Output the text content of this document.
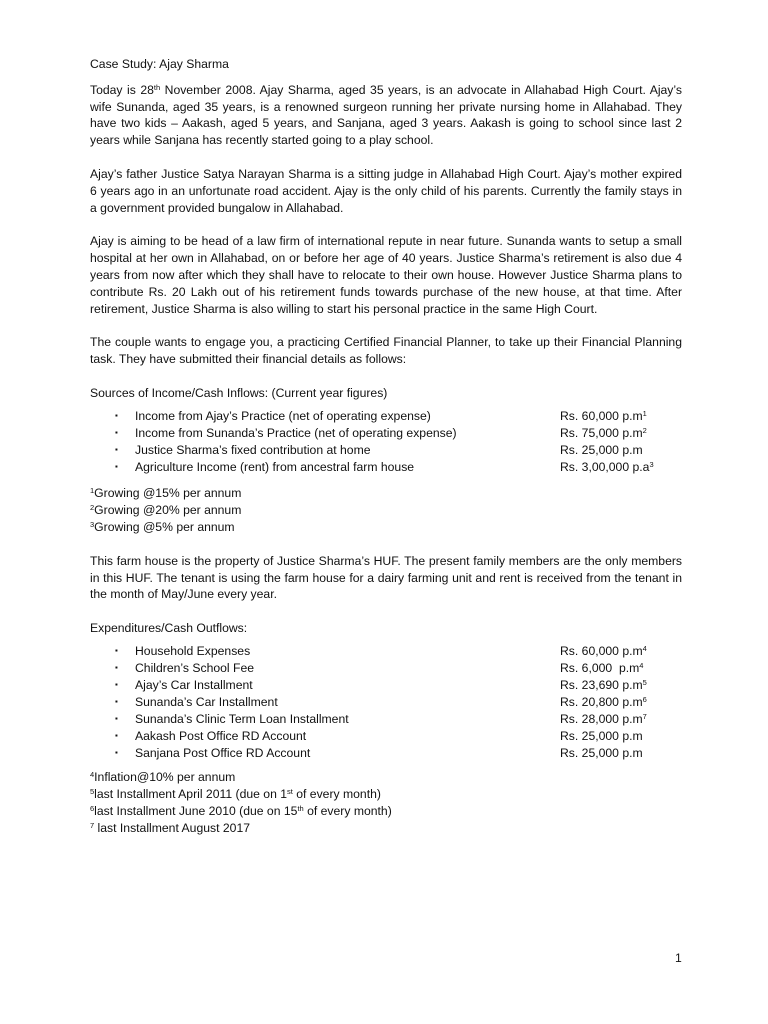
Case Study: Ajay Sharma

Today is 28th November 2008. Ajay Sharma, aged 35 years, is an advocate in Allahabad High Court. Ajay’s wife Sunanda, aged 35 years, is a renowned surgeon running her private nursing home in Allahabad. They have two kids – Aakash, aged 5 years, and Sanjana, aged 3 years. Aakash is going to school since last 2 years while Sanjana has recently started going to a play school.

Ajay’s father Justice Satya Narayan Sharma is a sitting judge in Allahabad High Court. Ajay’s mother expired 6 years ago in an unfortunate road accident. Ajay is the only child of his parents. Currently the family stays in a government provided bungalow in Allahabad.

Ajay is aiming to be head of a law firm of international repute in near future. Sunanda wants to setup a small hospital at her own in Allahabad, on or before her age of 40 years. Justice Sharma’s retirement is also due 4 years from now after which they shall have to relocate to their own house. However Justice Sharma plans to contribute Rs. 20 Lakh out of his retirement funds towards purchase of the new house, at that time. After retirement, Justice Sharma is also willing to start his personal practice in the same High Court.

The couple wants to engage you, a practicing Certified Financial Planner, to take up their Financial Planning task. They have submitted their financial details as follows:

Sources of Income/Cash Inflows: (Current year figures)
▪ Income from Ajay’s Practice (net of operating expense)	Rs. 60,000 $p.m^1$
▪ Income from Sunanda’s Practice (net of operating expense)	Rs. 75,000 $p.m^2$
▪ Justice Sharma’s fixed contribution at home	Rs. 25,000 p.m
▪ Agriculture Income (rent) from ancestral farm house	Rs. 3,00,000 $p.a^3$
$^1$Growing @15% per annum
$^2$Growing @20% per annum
$^3$Growing @5% per annum

This farm house is the property of Justice Sharma’s HUF. The present family members are the only members in this HUF. The tenant is using the farm house for a dairy farming unit and rent is received from the tenant in the month of May/June every year.

Expenditures/Cash Outflows:
▪ Household Expenses	Rs. 60,000 $p.m^4$
▪ Children’s School Fee	Rs. 6,000  $p.m^4$
▪ Ajay’s Car Installment	Rs. 23,690 $p.m^5$
▪ Sunanda’s Car Installment	Rs. 20,800 $p.m^6$
▪ Sunanda’s Clinic Term Loan Installment	Rs. 28,000 $p.m^7$
▪ Aakash Post Office RD Account	Rs. 25,000 p.m
▪ Sanjana Post Office RD Account	Rs. 25,000 p.m
$^4$Inflation@10% per annum
$^5$last Installment April 2011 (due on 1st of every month)
$^6$last Installment June 2010 (due on 15th of every month)
$^7$ last Installment August 2017
1
